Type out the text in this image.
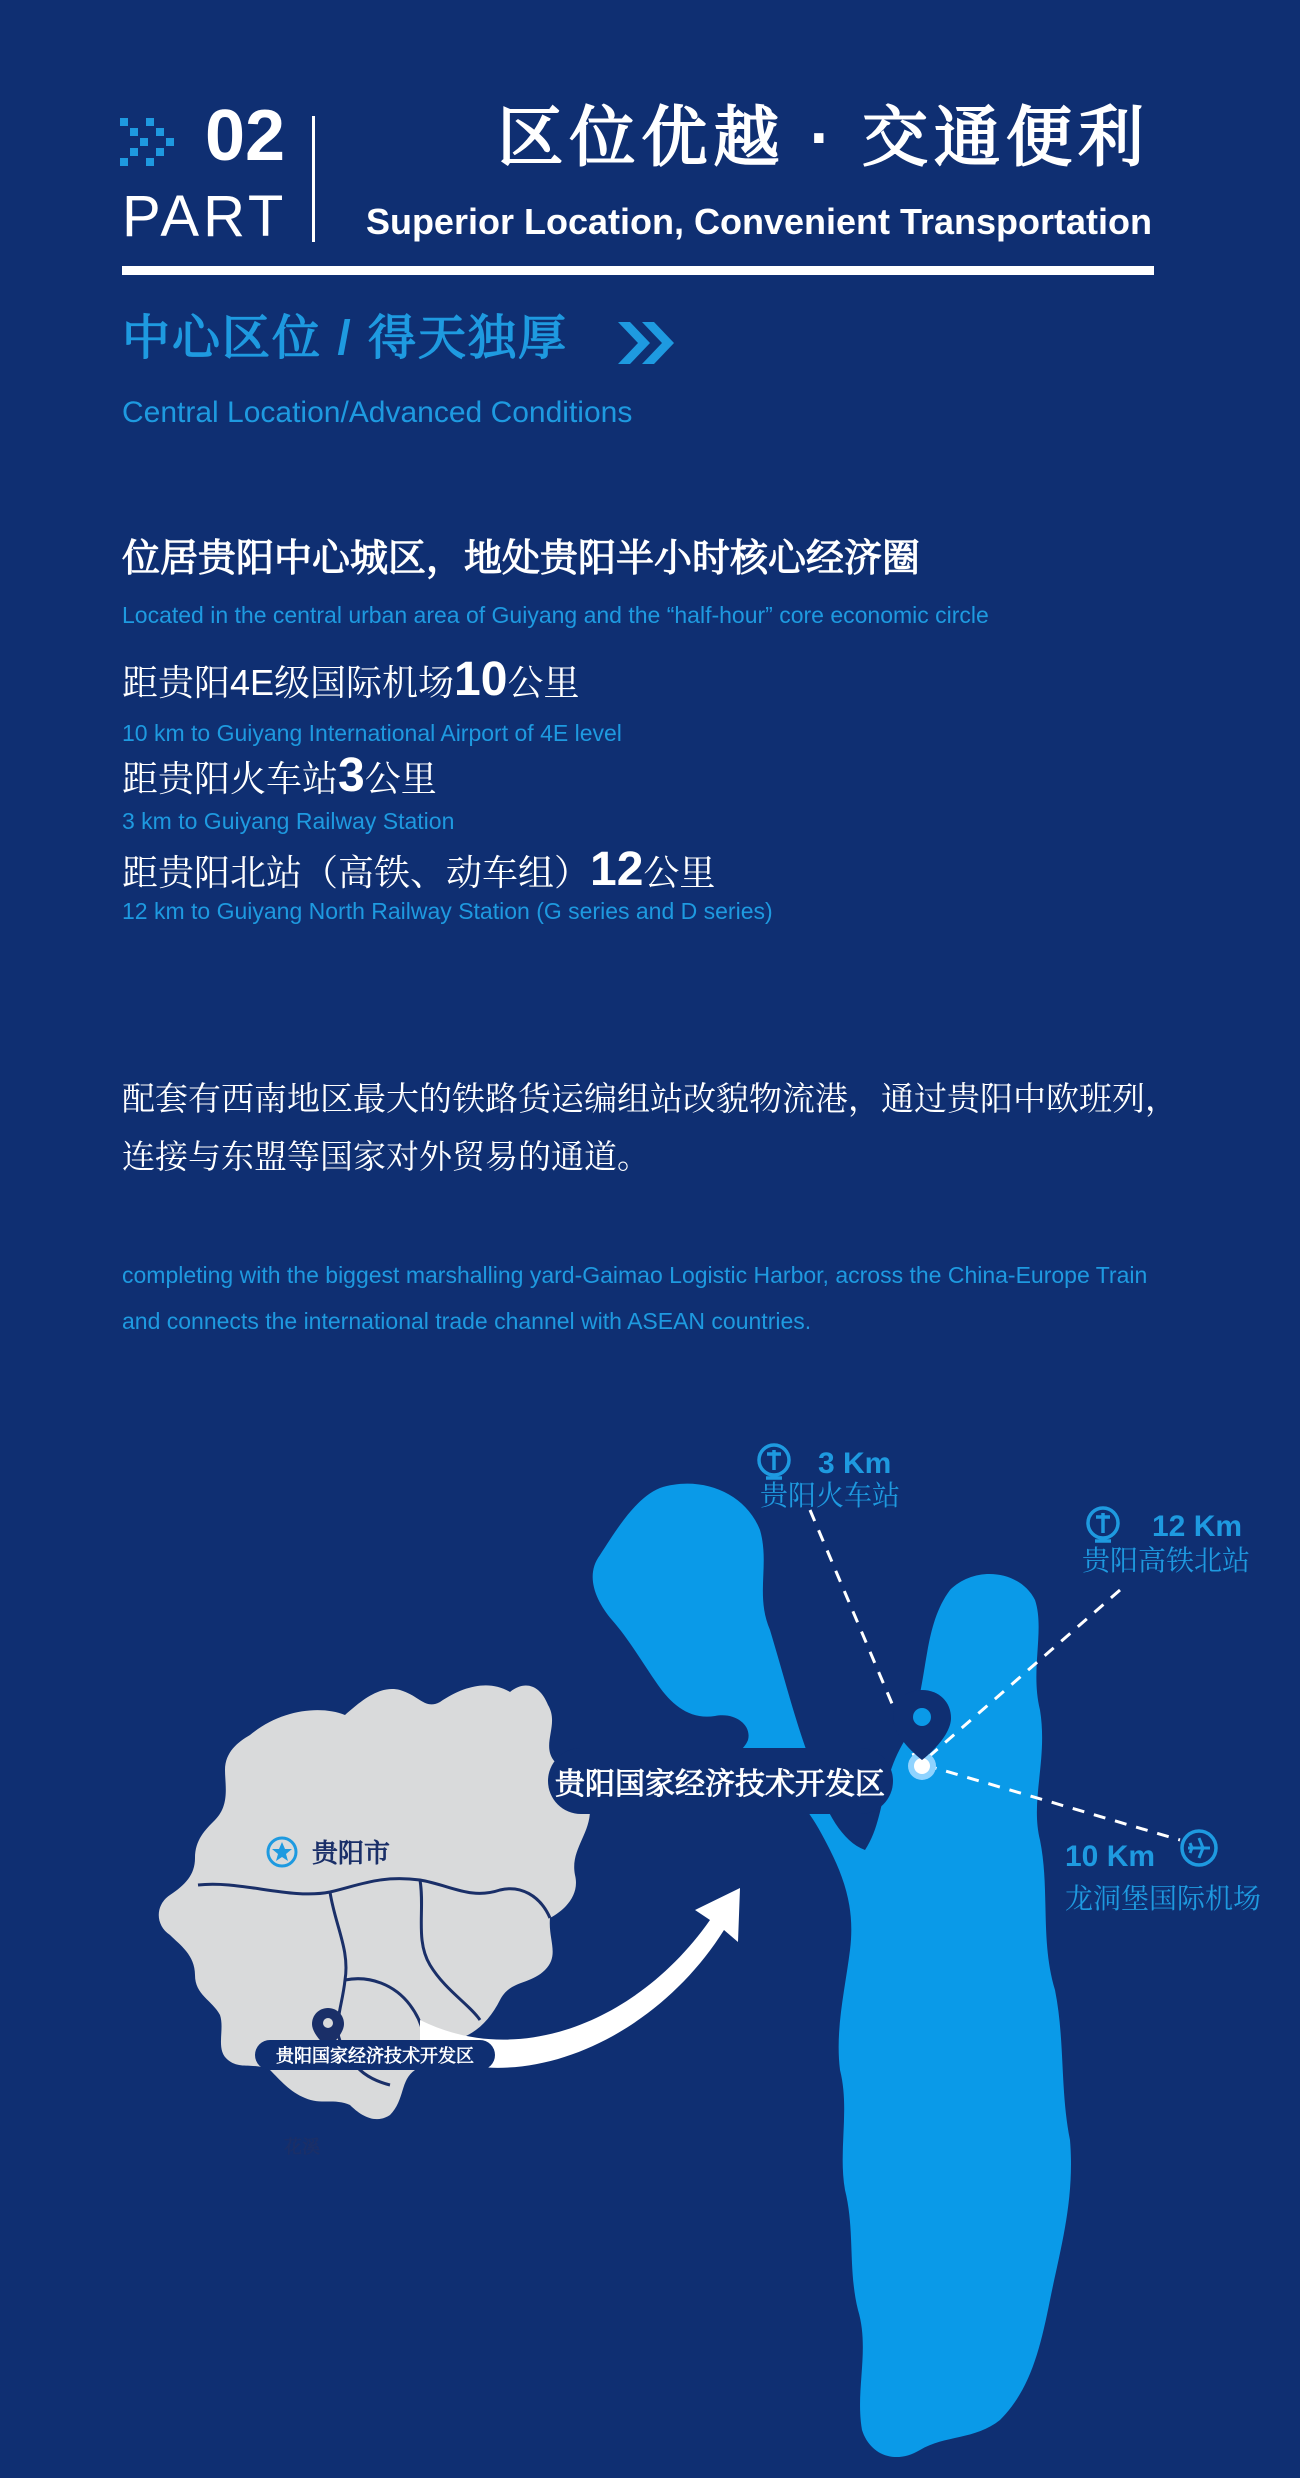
02
PART
区位优越 · 交通便利
Superior Location, Convenient Transportation
中心区位 / 得天独厚
Central Location/Advanced Conditions
位居贵阳中心城区，地处贵阳半小时核心经济圈
Located in the central urban area of Guiyang and the “half-hour” core economic circle
距贵阳4E级国际机场10公里
10 km to Guiyang International Airport of 4E level
距贵阳火车站3公里
3 km to Guiyang Railway Station
距贵阳北站（高铁、动车组）12公里
12 km to Guiyang North Railway Station (G series and D series)
配套有西南地区最大的铁路货运编组站改貌物流港，通过贵阳中欧班列，
连接与东盟等国家对外贸易的通道。
completing with the biggest marshalling yard-Gaimao Logistic Harbor, across the China-Europe Train
and connects the international trade channel with ASEAN countries.
贵阳国家经济技术开发区
3 Km
贵阳火车站
12 Km
贵阳高铁北站
10 Km
龙洞堡国际机场
贵阳市
贵阳国家经济技术开发区
花溪
